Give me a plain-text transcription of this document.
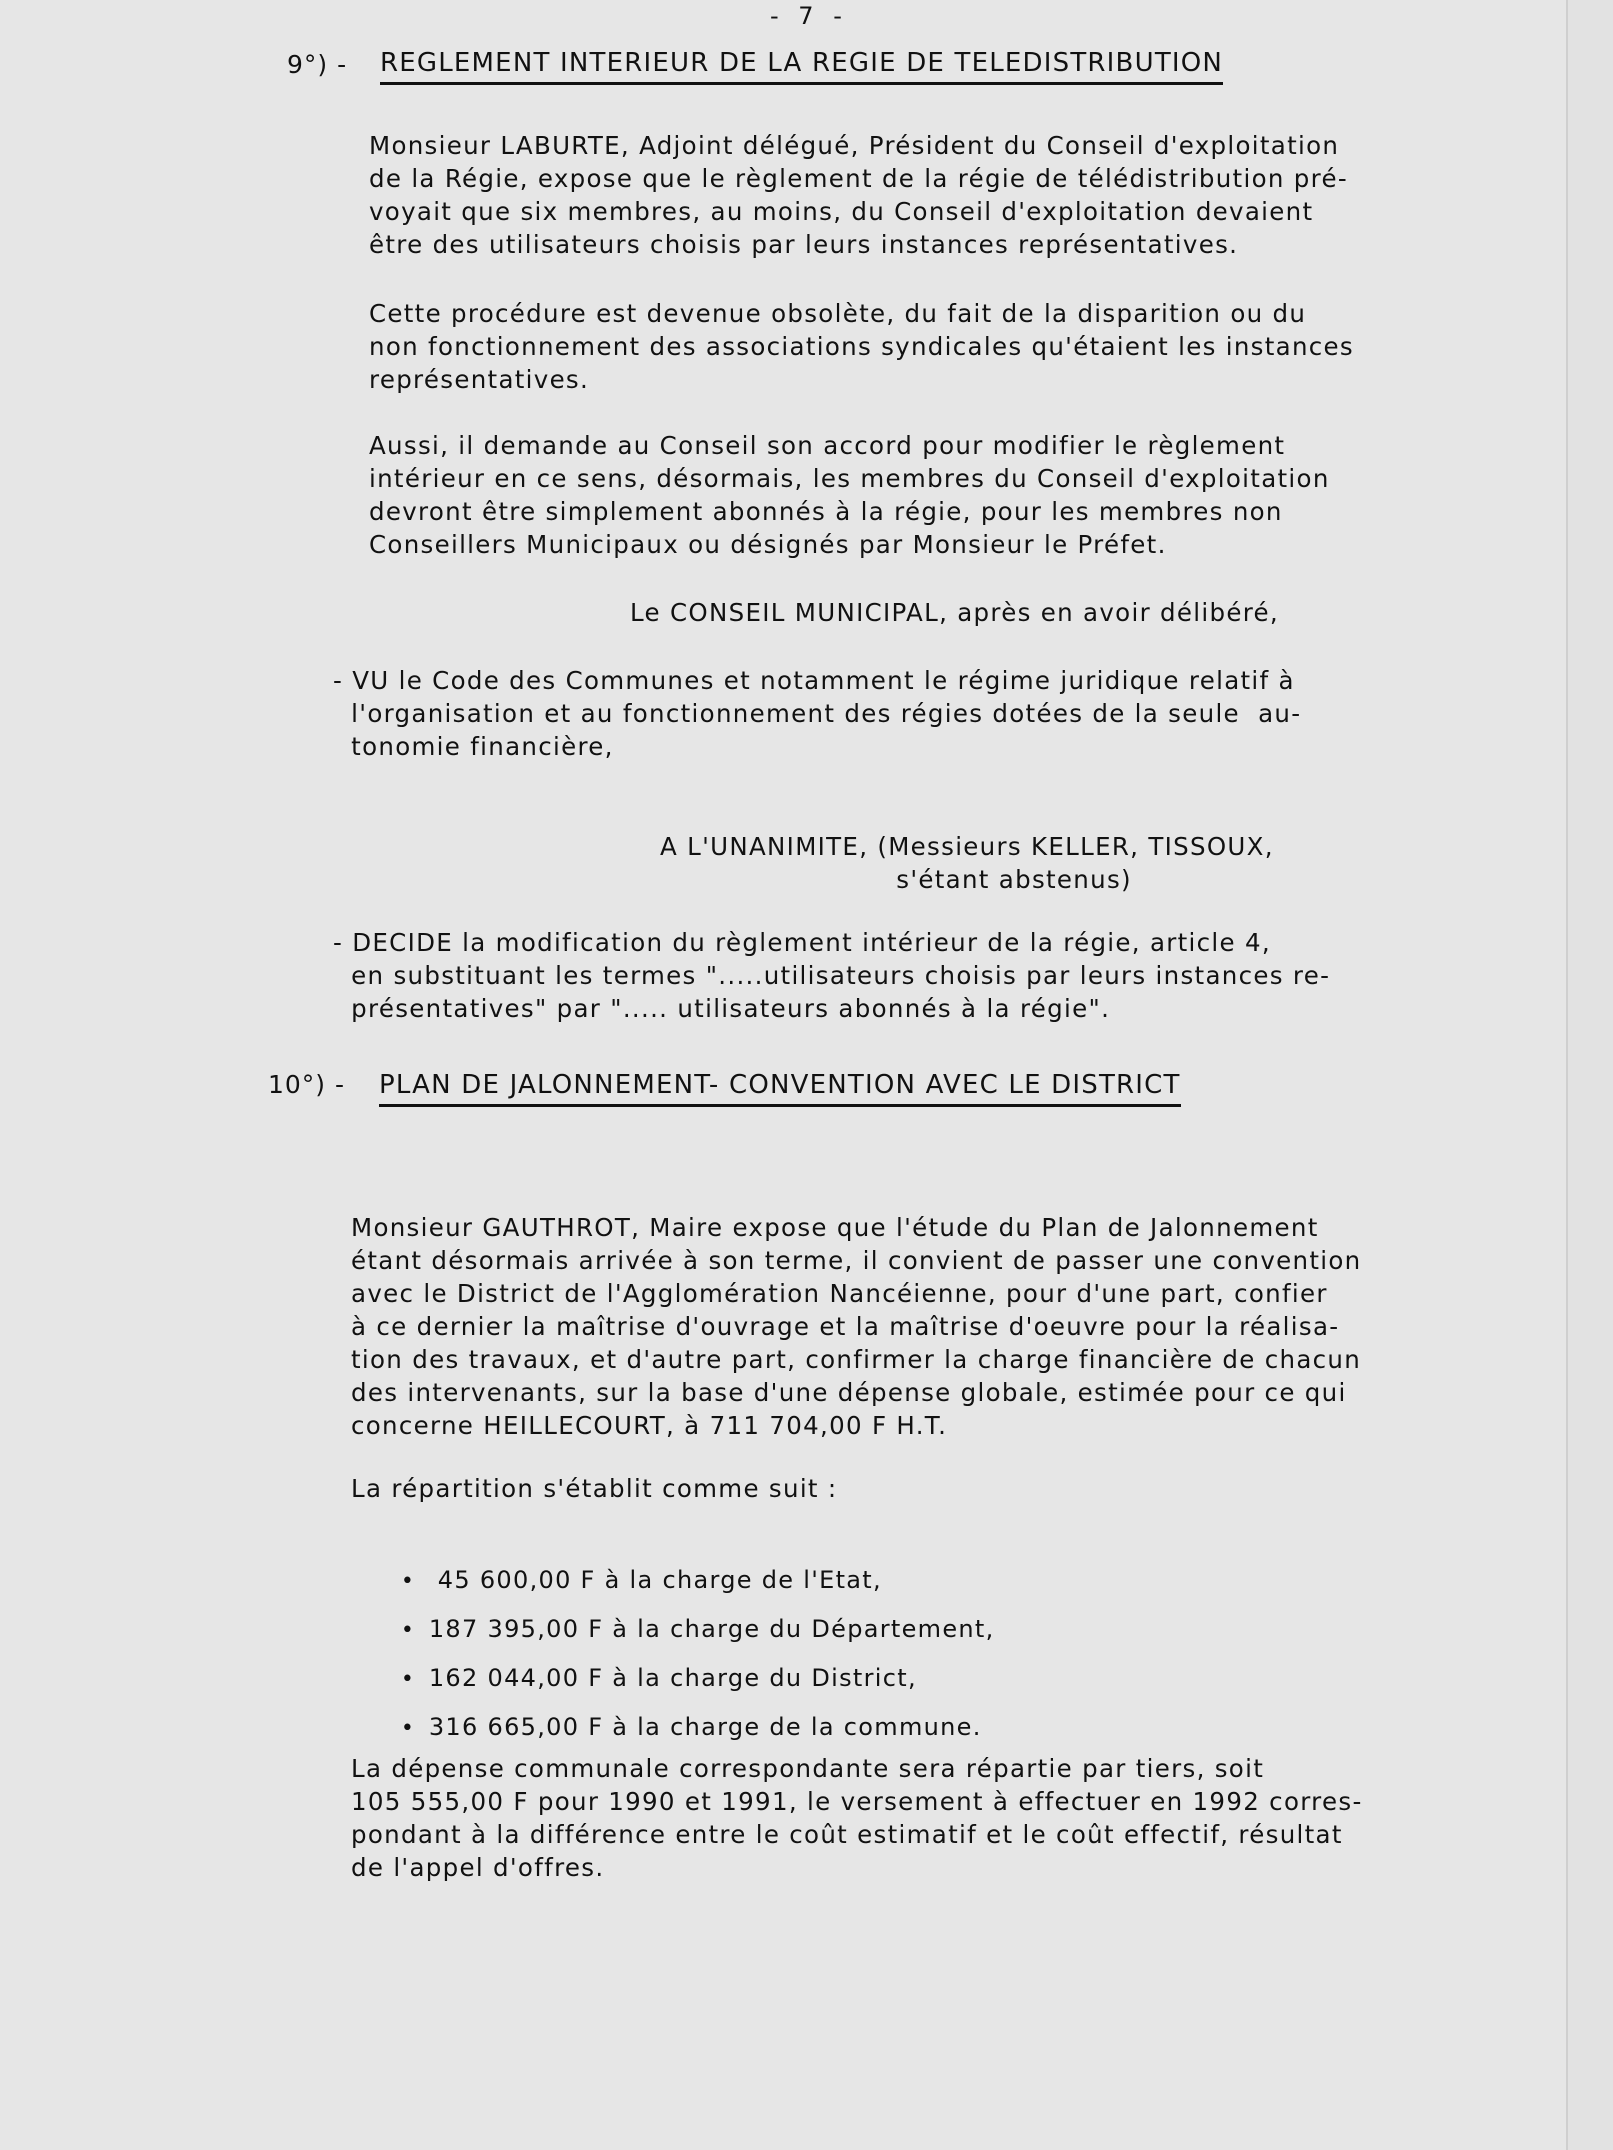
- 7 -
9°) - REGLEMENT INTERIEUR DE LA REGIE DE TELEDISTRIBUTION
Monsieur LABURTE, Adjoint délégué, Président du Conseil d'exploitation
de la Régie, expose que le règlement de la régie de télédistribution pré-
voyait que six membres, au moins, du Conseil d'exploitation devaient
être des utilisateurs choisis par leurs instances représentatives.
Cette procédure est devenue obsolète, du fait de la disparition ou du
non fonctionnement des associations syndicales qu'étaient les instances
représentatives.
Aussi, il demande au Conseil son accord pour modifier le règlement
intérieur en ce sens, désormais, les membres du Conseil d'exploitation
devront être simplement abonnés à la régie, pour les membres non
Conseillers Municipaux ou désignés par Monsieur le Préfet.
Le CONSEIL MUNICIPAL, après en avoir délibéré,
- VU le Code des Communes et notamment le régime juridique relatif à
l'organisation et au fonctionnement des régies dotées de la seule  au-
tonomie financière,
A L'UNANIMITE, (Messieurs KELLER, TISSOUX,
s'étant abstenus)
- DECIDE la modification du règlement intérieur de la régie, article 4,
en substituant les termes ".....utilisateurs choisis par leurs instances re-
présentatives" par "..... utilisateurs abonnés à la régie".
10°) - PLAN DE JALONNEMENT- CONVENTION AVEC LE DISTRICT
Monsieur GAUTHROT, Maire expose que l'étude du Plan de Jalonnement
étant désormais arrivée à son terme, il convient de passer une convention
avec le District de l'Agglomération Nancéienne, pour d'une part, confier
à ce dernier la maîtrise d'ouvrage et la maîtrise d'oeuvre pour la réalisa-
tion des travaux, et d'autre part, confirmer la charge financière de chacun
des intervenants, sur la base d'une dépense globale, estimée pour ce qui
concerne HEILLECOURT, à 711 704,00 F H.T.
La répartition s'établit comme suit :

• 45 600,00 F à la charge de l'Etat,

• 187 395,00 F à la charge du Département,

• 162 044,00 F à la charge du District,

• 316 665,00 F à la charge de la commune.

La dépense communale correspondante sera répartie par tiers, soit
105 555,00 F pour 1990 et 1991, le versement à effectuer en 1992 corres-
pondant à la différence entre le coût estimatif et le coût effectif, résultat
de l'appel d'offres.
